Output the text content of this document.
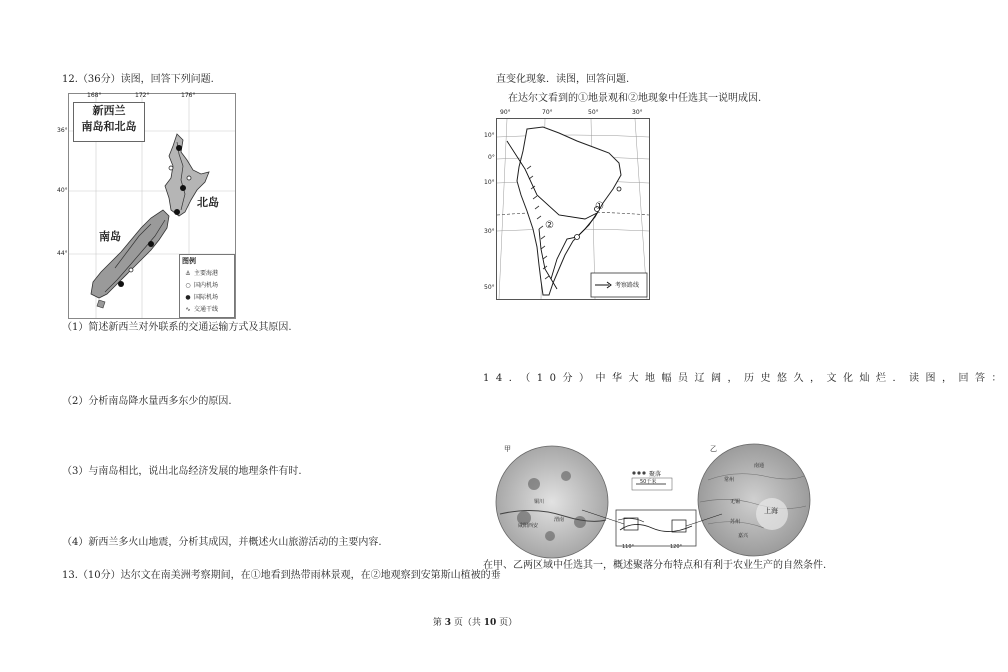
12.（36分）读图，回答下列问题.
168°	172°	176°
36°
40°
44°
新西兰
南岛和北岛
北岛
南岛
图例
⚓ 主要海港
○ 国内机场
● 国际机场
∿ 交通干线
（1）简述新西兰对外联系的交通运输方式及其原因.
（2）分析南岛降水量西多东少的原因.
（3）与南岛相比，说出北岛经济发展的地理条件有时.
（4）新西兰多火山地震，分析其成因，并概述火山旅游活动的主要内容.
13.（10分）达尔文在南美洲考察期间，在①地看到热带雨林景观，在②地观察到安第斯山植被的垂
直变化现象．读图，回答问题.
在达尔文看到的①地景观和②地现象中任选其一说明成因.
10°
0°
10°
30°
50°
90°	70°	50°	30°
①
②
考察路线
14．（10分）中华大地幅员辽阔，历史悠久，文化灿烂．读图，回答：
甲	乙
聚落
50千米
铜川
渭南
咸阳西安
南通
常州
无锡
苏州
上海
嘉兴
110°	120°
在甲、乙两区域中任选其一，概述聚落分布特点和有利于农业生产的自然条件.
第 3 页（共 10 页）
